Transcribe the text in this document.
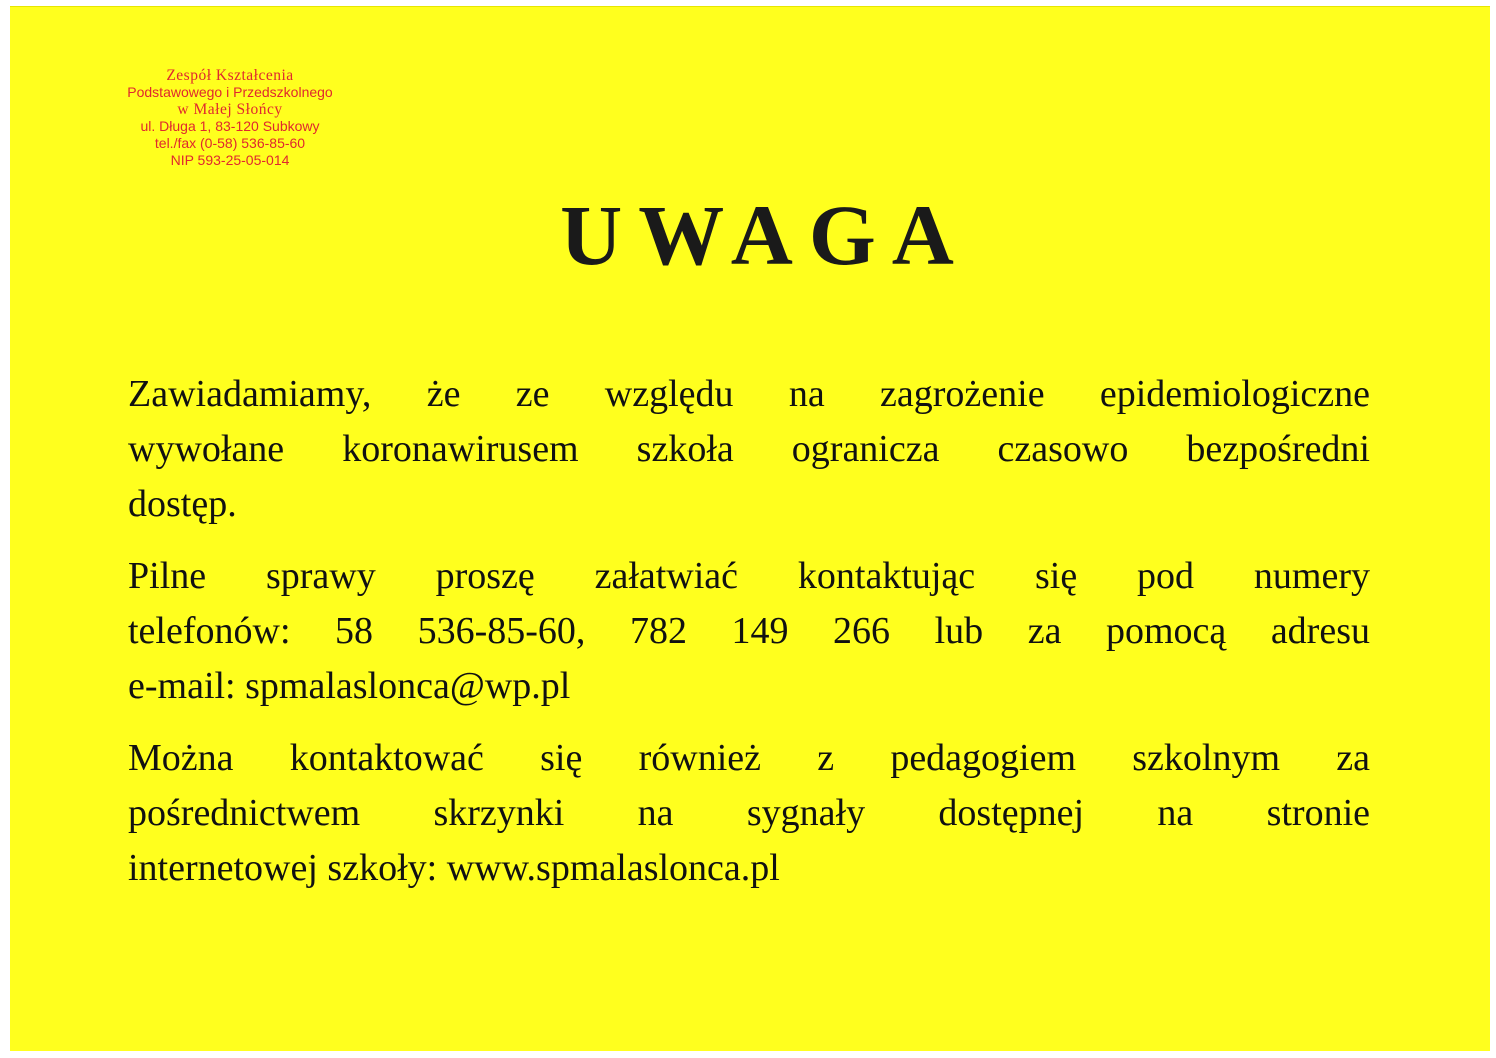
Zespół Kształcenia
Podstawowego i Przedszkolnego
w Małej Słońcy
ul. Długa 1, 83-120 Subkowy
tel./fax (0-58) 536-85-60
NIP 593-25-05-014
UWAGA

Zawiadamiamy, że ze względu na zagrożenie epidemiologiczne
wywołane koronawirusem szkoła ogranicza czasowo bezpośredni
dostęp.

Pilne sprawy proszę załatwiać kontaktując się pod numery
telefonów: 58 536-85-60, 782 149 266 lub za pomocą adresu
e-mail: spmalaslonca@wp.pl

Można kontaktować się również z pedagogiem szkolnym za
pośrednictwem skrzynki na sygnały dostępnej na stronie
internetowej szkoły: www.spmalaslonca.pl
